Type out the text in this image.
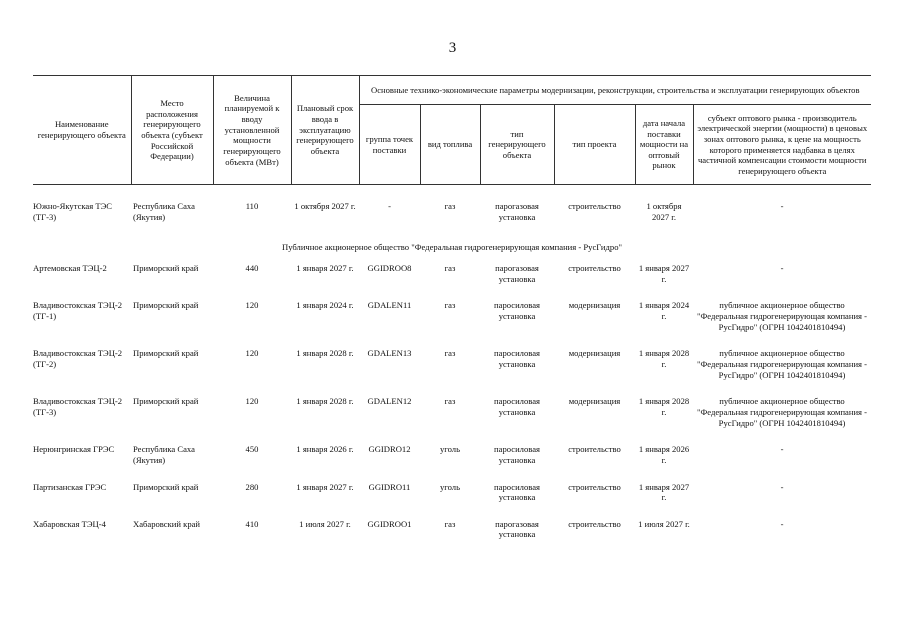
3
Наименование генерирующего объекта	Место расположения генерирующего объекта (субъект Российской Федерации)	Величина планируемой к вводу установленной мощности генерирующего объекта (МВт)	Плановый срок ввода в эксплуатацию генерирующего объекта	Основные технико-экономические параметры модернизации, реконструкции, строительства и эксплуатации генерирующих объектов					
				группа точек поставки	вид топлива	тип генерирующего объекта	тип проекта	дата начала поставки мощности на оптовый рынок	субъект оптового рынка - производитель электрической энергии (мощности) в ценовых зонах оптового рынка, к цене на мощность которого применяется надбавка в целях частичной компенсации стоимости мощности генерирующего объекта

Южно-Якутская ТЭС (ТГ-3)	Республика Саха (Якутия)	110	1 октября 2027 г.	-	газ	парогазовая установка	строительство	1 октября 2027 г.	-
Публичное акционерное общество "Федеральная гидрогенерирующая компания - РусГидро"									
Артемовская ТЭЦ-2	Приморский край	440	1 января 2027 г.	GGIDROO8	газ	парогазовая установка	строительство	1 января 2027 г.	-

Владивостокская ТЭЦ-2 (ТГ-1)	Приморский край	120	1 января 2024 г.	GDALEN11	газ	паросиловая установка	модернизация	1 января 2024 г.	публичное акционерное общество "Федеральная гидрогенерирующая компания - РусГидро" (ОГРН 1042401810494)

Владивостокская ТЭЦ-2 (ТГ-2)	Приморский край	120	1 января 2028 г.	GDALEN13	газ	паросиловая установка	модернизация	1 января 2028 г.	публичное акционерное общество "Федеральная гидрогенерирующая компания - РусГидро" (ОГРН 1042401810494)

Владивостокская ТЭЦ-2 (ТГ-3)	Приморский край	120	1 января 2028 г.	GDALEN12	газ	паросиловая установка	модернизация	1 января 2028 г.	публичное акционерное общество "Федеральная гидрогенерирующая компания - РусГидро" (ОГРН 1042401810494)

Нерюнгринская ГРЭС	Республика Саха (Якутия)	450	1 января 2026 г.	GGIDRO12	уголь	паросиловая установка	строительство	1 января 2026 г.	-

Партизанская ГРЭС	Приморский край	280	1 января 2027 г.	GGIDRO11	уголь	паросиловая установка	строительство	1 января 2027 г.	-

Хабаровская ТЭЦ-4	Хабаровский край	410	1 июля 2027 г.	GGIDROO1	газ	парогазовая установка	строительство	1 июля 2027 г.	-
